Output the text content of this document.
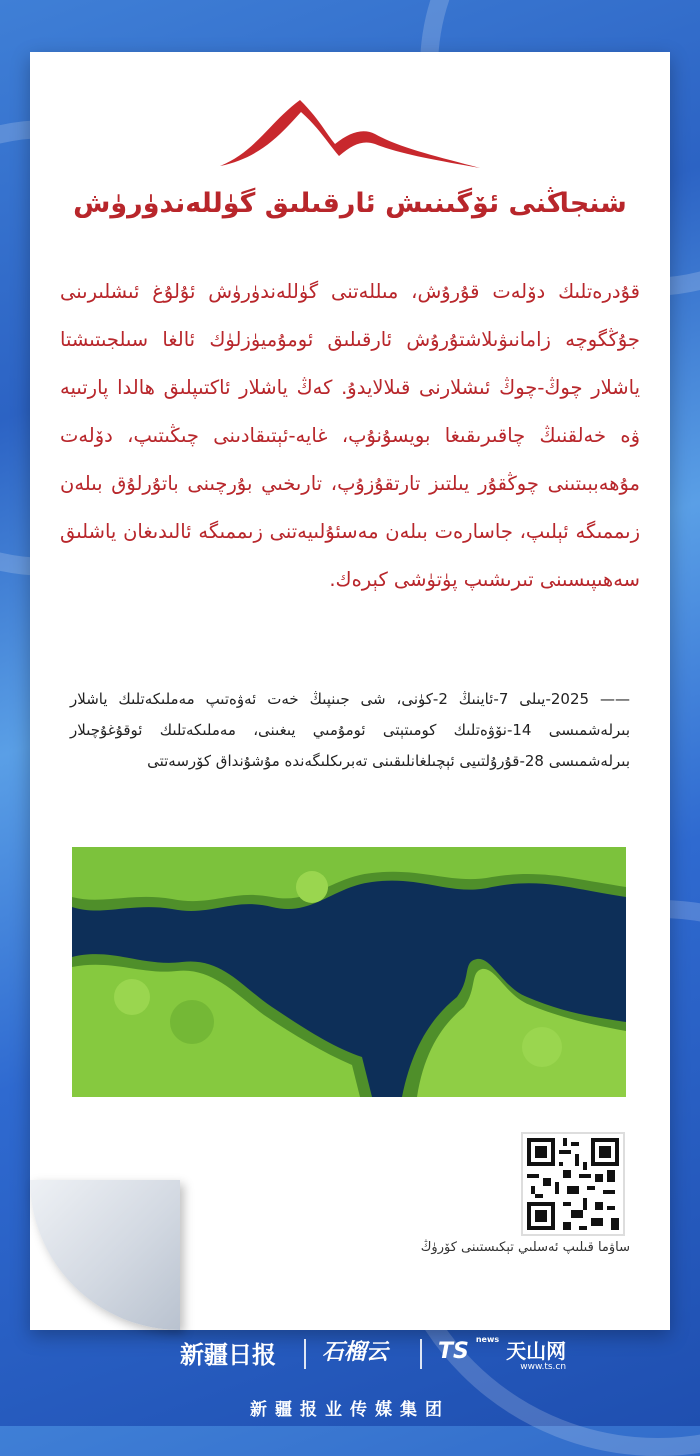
شنجاڭنى ئۆگىنىش ئارقىلىق گۈللەندۈرۈش
قۇدرەتلىك دۆلەت قۇرۇش، مىللەتنى گۈللەندۈرۈش ئۇلۇغ ئىشلىرىنى جۇڭگوچە زامانىۋىلاشتۇرۇش ئارقىلىق ئومۇميۈزلۈك ئالغا سىلجىتىشتا ياشلار چوڭ-چوڭ ئىشلارنى قىلالايدۇ. كەڭ ياشلار ئاكتىپلىق ھالدا پارتىيە ۋە خەلقنىڭ چاقىرىقىغا بويسۇنۇپ، غايە-ئېتىقادىنى چىڭىتىپ، دۆلەت مۇھەببىتىنى چوڭقۇر يىلتىز تارتقۇزۇپ، تارىخىي بۇرچىنى باتۇرلۇق بىلەن زىممىگە ئېلىپ، جاسارەت بىلەن مەسئۇلىيەتنى زىممىگە ئالىدىغان ياشلىق سەھىپىسىنى تىرىشىپ پۈتۈشى كېرەك.
—— 2025-يىلى 7-ئاينىڭ 2-كۈنى، شى جىنپىڭ خەت ئەۋەتىپ مەملىكەتلىك ياشلار بىرلەشمىسى 14-نۆۋەتلىك كومىتېتى ئومۇمىي يىغىنى، مەملىكەتلىك ئوقۇغۇچىلار بىرلەشمىسى 28-قۇرۇلتىيى ئېچىلغانلىقىنى تەبرىكلىگەندە مۇشۇنداق كۆرسەتتى
ساۋما قىلىپ ئەسلىي تېكىستىنى كۆرۈڭ
新疆日报 石榴云 TS $^{news}$ 天山网
www.ts.cn
新疆报业传媒集团
